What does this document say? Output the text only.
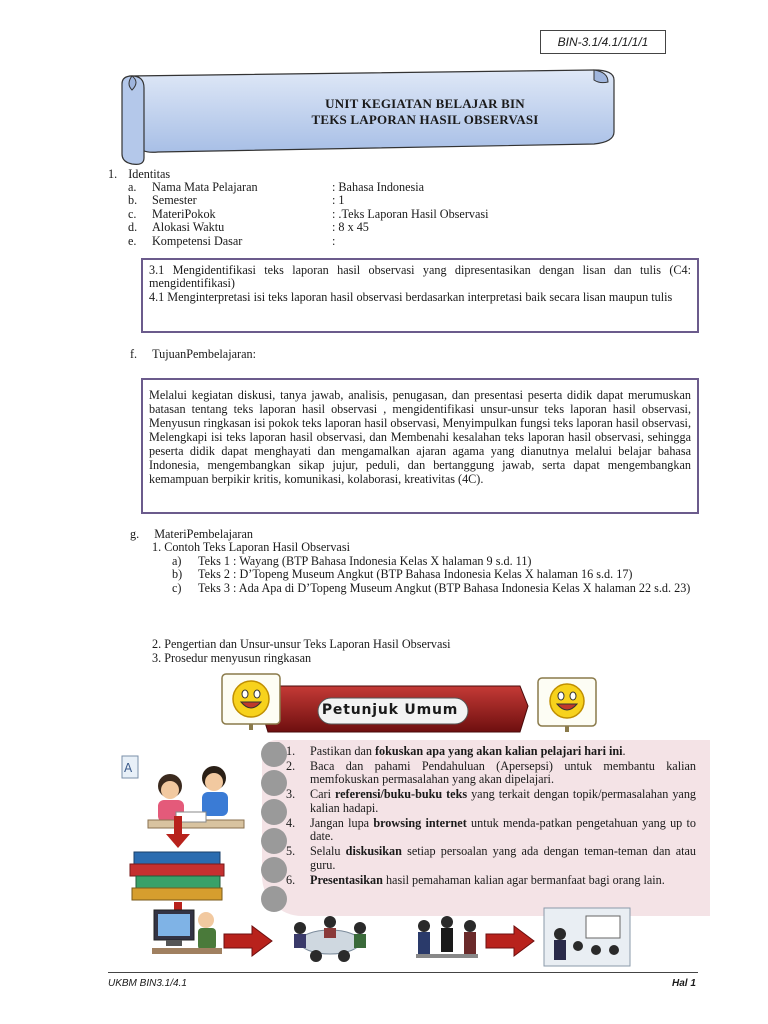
BIN-3.1/4.1/1/1/1
UNIT KEGIATAN BELAJAR BIN
TEKS LAPORAN HASIL OBSERVASI
1. Identitas
a. Nama Mata Pelajaran	: Bahasa Indonesia
b. Semester	: 1
c. MateriPokok	: .Teks Laporan Hasil Observasi
d. Alokasi Waktu	: 8 x 45
e. Kompetensi Dasar	:
3.1 Mengidentifikasi teks laporan hasil observasi yang dipresentasikan dengan lisan dan tulis (C4: mengidentifikasi)
4.1 Menginterpretasi isi teks laporan hasil observasi berdasarkan interpretasi baik secara lisan maupun tulis
f. TujuanPembelajaran:
Melalui kegiatan diskusi, tanya jawab, analisis, penugasan, dan presentasi peserta didik dapat merumuskan batasan tentang teks laporan hasil observasi , mengidentifikasi unsur-unsur teks laporan hasil observasi, Menyusun ringkasan isi pokok teks laporan hasil observasi, Menyimpulkan fungsi teks laporan hasil observasi, Melengkapi isi teks laporan hasil observasi, dan Membenahi kesalahan teks laporan hasil observasi, sehingga peserta didik dapat menghayati dan mengamalkan ajaran agama yang dianutnya melalui belajar bahasa Indonesia, mengembangkan sikap jujur, peduli, dan bertanggung jawab, serta dapat mengembangkan kemampuan berpikir kritis, komunikasi, kolaborasi, kreativitas (4C).
g. MateriPembelajaran
1. Contoh Teks Laporan Hasil Observasi
a) Teks 1 : Wayang (BTP Bahasa Indonesia Kelas X halaman 9 s.d. 11)
b) Teks 2 : D’Topeng Museum Angkut (BTP Bahasa Indonesia Kelas X halaman 16 s.d. 17)
c) Teks 3 : Ada Apa di D’Topeng Museum Angkut (BTP Bahasa Indonesia Kelas X halaman 22 s.d. 23)
2. Pengertian dan Unsur-unsur Teks Laporan Hasil Observasi
3. Prosedur menyusun ringkasan
Petunjuk Umum
1. Pastikan dan fokuskan apa yang akan kalian pelajari hari ini.
2. Baca dan pahami Pendahuluan (Apersepsi) untuk membantu kalian memfokuskan permasalahan yang akan dipelajari.
3. Cari referensi/buku-buku teks yang terkait dengan topik/permasalahan yang kalian hadapi.
4. Jangan lupa browsing internet untuk menda-patkan pengetahuan yang up to date.
5. Selalu diskusikan setiap persoalan yang ada dengan teman-teman dan atau guru.
6. Presentasikan hasil pemahaman kalian agar bermanfaat bagi orang lain.
A
UKBM BIN3.1/4.1	Hal 1
